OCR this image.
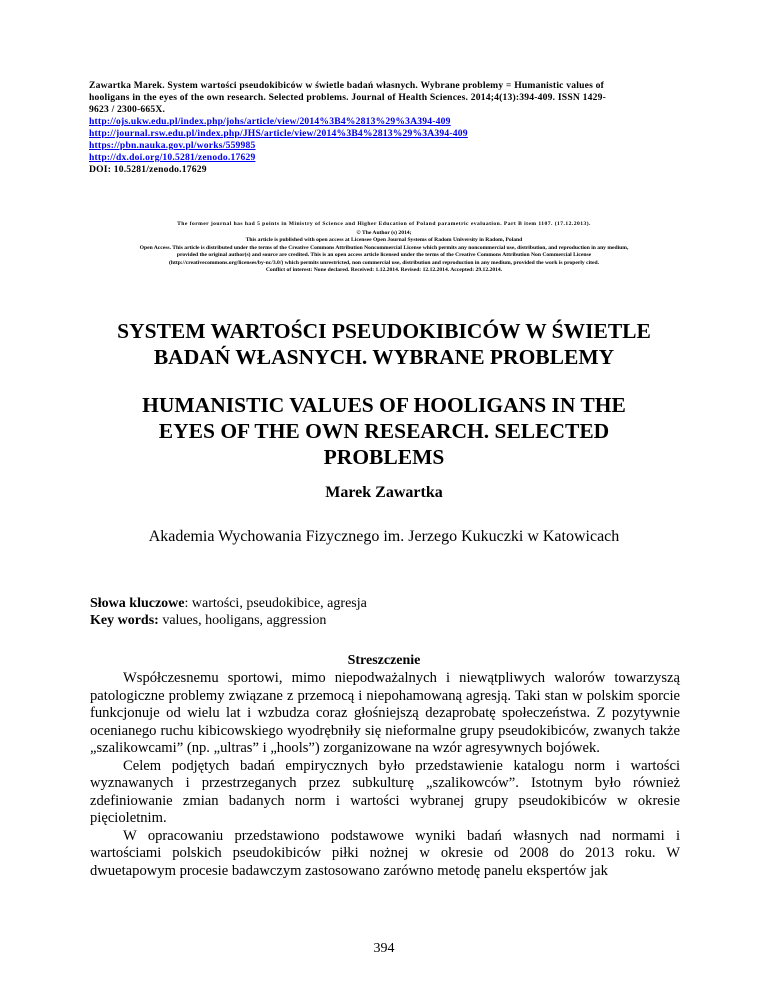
Zawartka Marek. System wartości pseudokibiców w świetle badań własnych. Wybrane problemy = Humanistic values of
hooligans in the eyes of the own research. Selected problems. Journal of Health Sciences. 2014;4(13):394-409. ISSN 1429-
9623 / 2300-665X.
http://ojs.ukw.edu.pl/index.php/johs/article/view/2014%3B4%2813%29%3A394-409
http://journal.rsw.edu.pl/index.php/JHS/article/view/2014%3B4%2813%29%3A394-409
https://pbn.nauka.gov.pl/works/559985
http://dx.doi.org/10.5281/zenodo.17629
DOI: 10.5281/zenodo.17629
The former journal has had 5 points in Ministry of Science and Higher Education of Poland parametric evaluation. Part B item 1107. (17.12.2013).
© The Author (s) 2014;
This article is published with open access at Licensee Open Journal Systems of Radom University in Radom, Poland
Open Access. This article is distributed under the terms of the Creative Commons Attribution Noncommercial License which permits any noncommercial use, distribution, and reproduction in any medium,
provided the original author(s) and source are credited. This is an open access article licensed under the terms of the Creative Commons Attribution Non Commercial License
(http://creativecommons.org/licenses/by-nc/3.0/) which permits unrestricted, non commercial use, distribution and reproduction in any medium, provided the work is properly cited.
Conflict of interest: None declared. Received: 1.12.2014. Revised: 12.12.2014. Accepted: 29.12.2014.
SYSTEM WARTOŚCI PSEUDOKIBICÓW W ŚWIETLE
BADAŃ WŁASNYCH. WYBRANE PROBLEMY
HUMANISTIC VALUES OF HOOLIGANS IN THE
EYES OF THE OWN RESEARCH. SELECTED
PROBLEMS
Marek Zawartka
Akademia Wychowania Fizycznego im. Jerzego Kukuczki w Katowicach
Słowa kluczowe: wartości, pseudokibice, agresja
Key words: values, hooligans, aggression
Streszczenie

Współczesnemu sportowi, mimo niepodważalnych i niewątpliwych walorów towarzyszą patologiczne problemy związane z przemocą i niepohamowaną agresją. Taki stan w polskim sporcie funkcjonuje od wielu lat i wzbudza coraz głośniejszą dezaprobatę społeczeństwa. Z pozytywnie ocenianego ruchu kibicowskiego wyodrębniły się nieformalne grupy pseudokibiców, zwanych także „szalikowcami” (np. „ultras” i „hools”) zorganizowane na wzór agresywnych bojówek.

Celem podjętych badań empirycznych było przedstawienie katalogu norm i wartości wyznawanych i przestrzeganych przez subkulturę „szalikowców”. Istotnym było również zdefiniowanie zmian badanych norm i wartości wybranej grupy pseudokibiców w okresie pięcioletnim.

W opracowaniu przedstawiono podstawowe wyniki badań własnych nad normami i wartościami polskich pseudokibiców piłki nożnej w okresie od 2008 do 2013 roku. W dwuetapowym procesie badawczym zastosowano zarówno metodę panelu ekspertów jak

394
